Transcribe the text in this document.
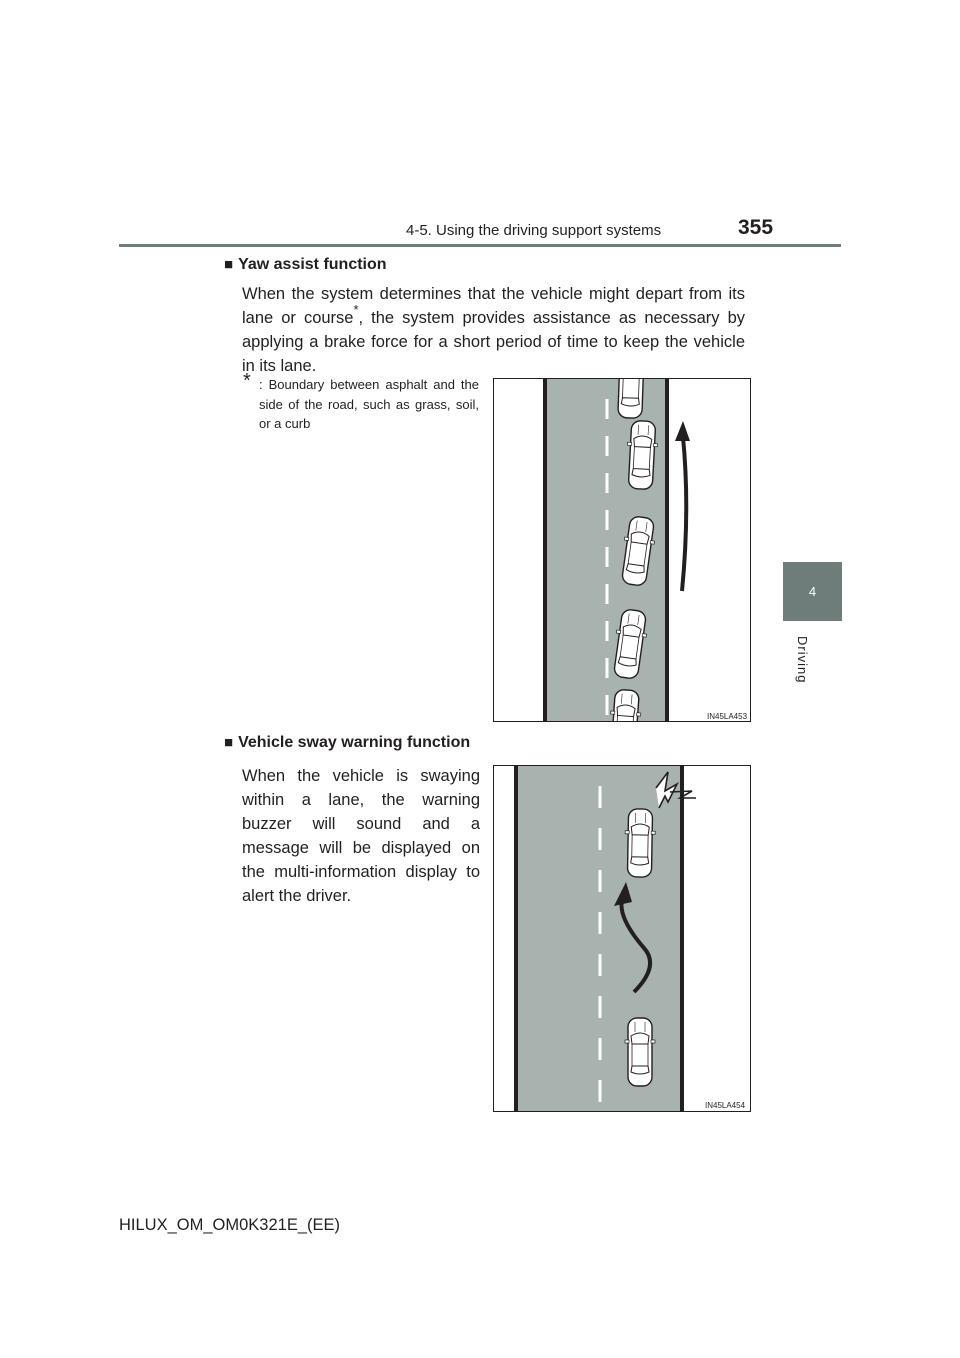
4-5. Using the driving support systems	355
4
Driving
■ Yaw assist function
When the system determines that the vehicle might depart from its
lane or course*, the system provides assistance as necessary by
applying a brake force for a short period of time to keep the vehicle
in its lane.
* : Boundary between asphalt and the side of the road, such as grass, soil, or a curb
IN45LA453
■ Vehicle sway warning function
When the vehicle is swaying within a lane, the warning buzzer will sound and a message will be displayed on the multi-information display to alert the driver.
IN45LA454
HILUX_OM_OM0K321E_(EE)
